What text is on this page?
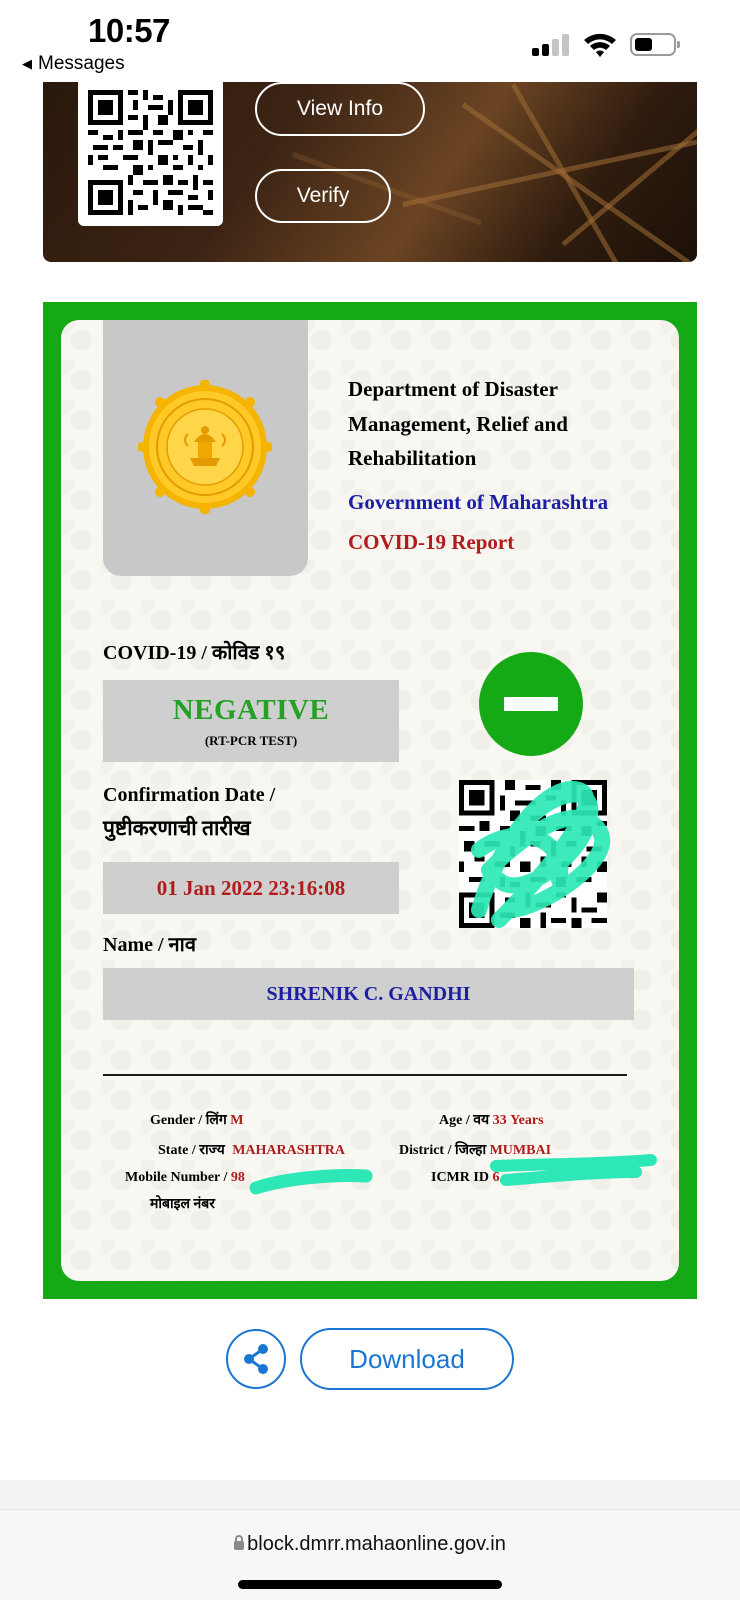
10:57
◀ Messages
View Info
Verify
Department of Disaster Management, Relief and Rehabilitation
Government of Maharashtra
COVID-19 Report
COVID-19 / कोविड १९
NEGATIVE
(RT-PCR TEST)
Confirmation Date /
पुष्टीकरणाची तारीख
01 Jan 2022 23:16:08
Name / नाव
SHRENIK C. GANDHI
Gender / लिंग M	Age / वय 33 Years
State / राज्य MAHARASHTRA	District / जिल्हा MUMBAI
Mobile Number / 98
मोबाइल नंबर
ICMR ID 6
Download
block.dmrr.mahaonline.gov.in
